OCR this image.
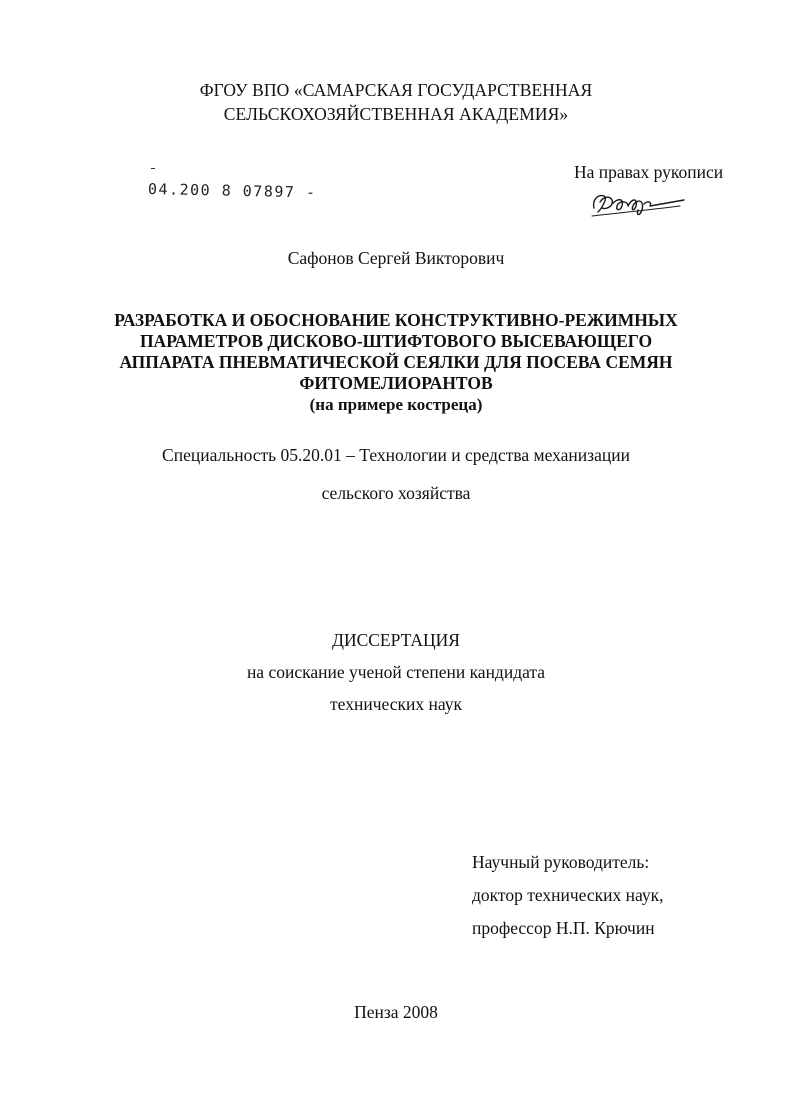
ФГОУ ВПО «САМАРСКАЯ ГОСУДАРСТВЕННАЯ
СЕЛЬСКОХОЗЯЙСТВЕННАЯ АКАДЕМИЯ»
04.200 8 07897 -
На правах рукописи
Сафонов Сергей Викторович
РАЗРАБОТКА И ОБОСНОВАНИЕ КОНСТРУКТИВНО-РЕЖИМНЫХ
ПАРАМЕТРОВ ДИСКОВО-ШТИФТОВОГО ВЫСЕВАЮЩЕГО
АППАРАТА ПНЕВМАТИЧЕСКОЙ СЕЯЛКИ ДЛЯ ПОСЕВА СЕМЯН
ФИТОМЕЛИОРАНТОВ
(на примере костреца)
Специальность 05.20.01 – Технологии и средства механизации
сельского хозяйства
ДИССЕРТАЦИЯ
на соискание ученой степени кандидата
технических наук
Научный руководитель:
доктор технических наук,
профессор Н.П. Крючин
Пенза 2008
